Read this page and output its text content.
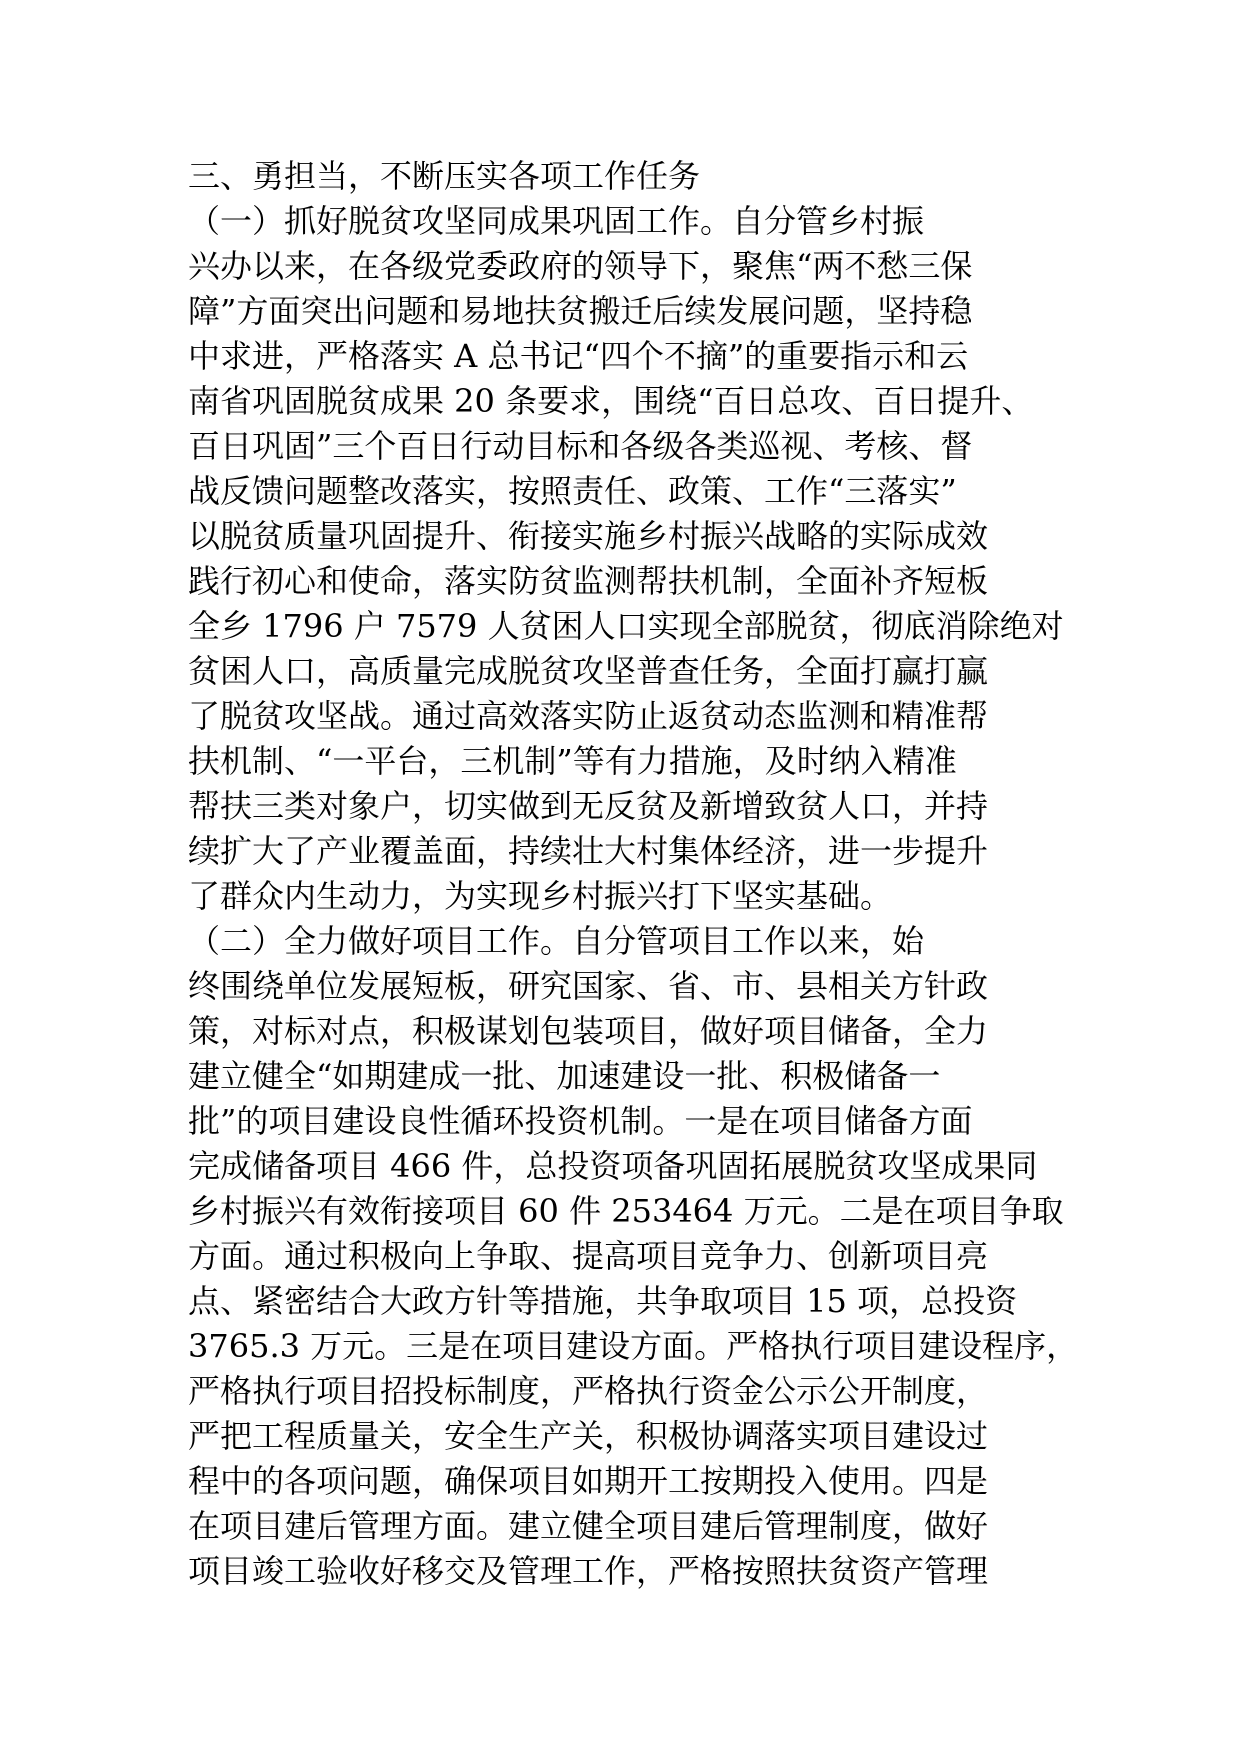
三、勇担当，不断压实各项工作任务
（一）抓好脱贫攻坚同成果巩固工作。自分管乡村振
兴办以来，在各级党委政府的领导下，聚焦“两不愁三保
障”方面突出问题和易地扶贫搬迁后续发展问题，坚持稳
中求进，严格落实 A 总书记“四个不摘”的重要指示和云
南省巩固脱贫成果 20 条要求，围绕“百日总攻、百日提升、
百日巩固”三个百日行动目标和各级各类巡视、考核、督
战反馈问题整改落实，按照责任、政策、工作“三落实”
以脱贫质量巩固提升、衔接实施乡村振兴战略的实际成效
践行初心和使命，落实防贫监测帮扶机制，全面补齐短板
全乡 1796 户 7579 人贫困人口实现全部脱贫，彻底消除绝对
贫困人口，高质量完成脱贫攻坚普查任务，全面打赢打赢
了脱贫攻坚战。通过高效落实防止返贫动态监测和精准帮
扶机制、“一平台，三机制”等有力措施，及时纳入精准
帮扶三类对象户，切实做到无反贫及新增致贫人口，并持
续扩大了产业覆盖面，持续壮大村集体经济，进一步提升
了群众内生动力，为实现乡村振兴打下坚实基础。
（二）全力做好项目工作。自分管项目工作以来，始
终围绕单位发展短板，研究国家、省、市、县相关方针政
策，对标对点，积极谋划包装项目，做好项目储备，全力
建立健全“如期建成一批、加速建设一批、积极储备一
批”的项目建设良性循环投资机制。一是在项目储备方面
完成储备项目 466 件，总投资项备巩固拓展脱贫攻坚成果同
乡村振兴有效衔接项目 60 件 253464 万元。二是在项目争取
方面。通过积极向上争取、提高项目竞争力、创新项目亮
点、紧密结合大政方针等措施，共争取项目 15 项，总投资
3765.3 万元。三是在项目建设方面。严格执行项目建设程序，
严格执行项目招投标制度，严格执行资金公示公开制度，
严把工程质量关，安全生产关，积极协调落实项目建设过
程中的各项问题，确保项目如期开工按期投入使用。四是
在项目建后管理方面。建立健全项目建后管理制度，做好
项目竣工验收好移交及管理工作，严格按照扶贫资产管理
